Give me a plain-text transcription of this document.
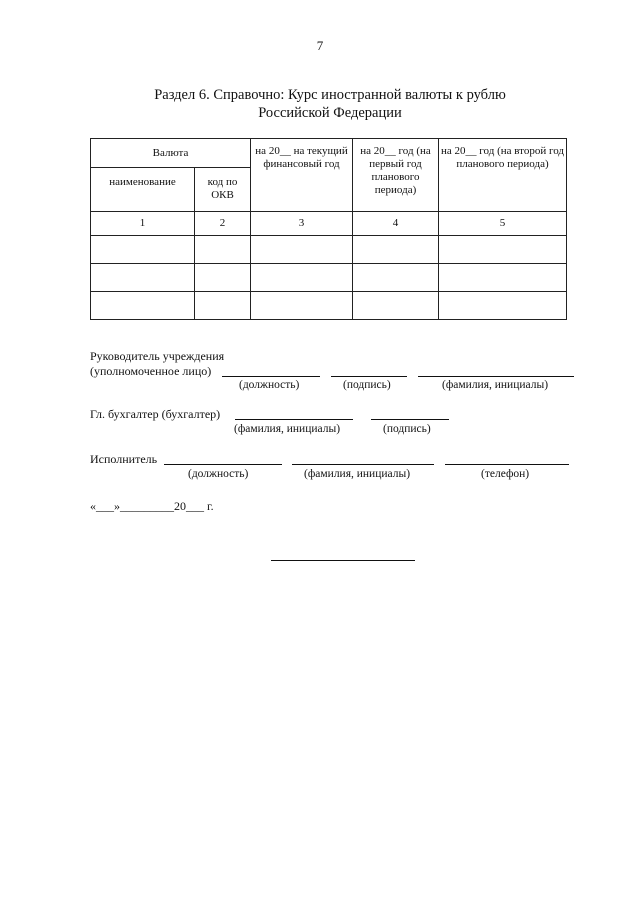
7
Раздел 6. Справочно: Курс иностранной валюты к рублю
Российской Федерации
Валюта		на 20__ на текущий финансовый год	на 20__ год (на первый год планового периода)	на 20__ год (на второй год планового периода)
наименование	код по ОКВ			
1	2	3	4	5

Руководитель учреждения
(уполномоченное лицо)
(должность)	(подпись)	(фамилия, инициалы)
Гл. бухгалтер (бухгалтер)
(фамилия, инициалы)	(подпись)
Исполнитель
(должность)	(фамилия, инициалы)	(телефон)
«___»_________20___ г.
